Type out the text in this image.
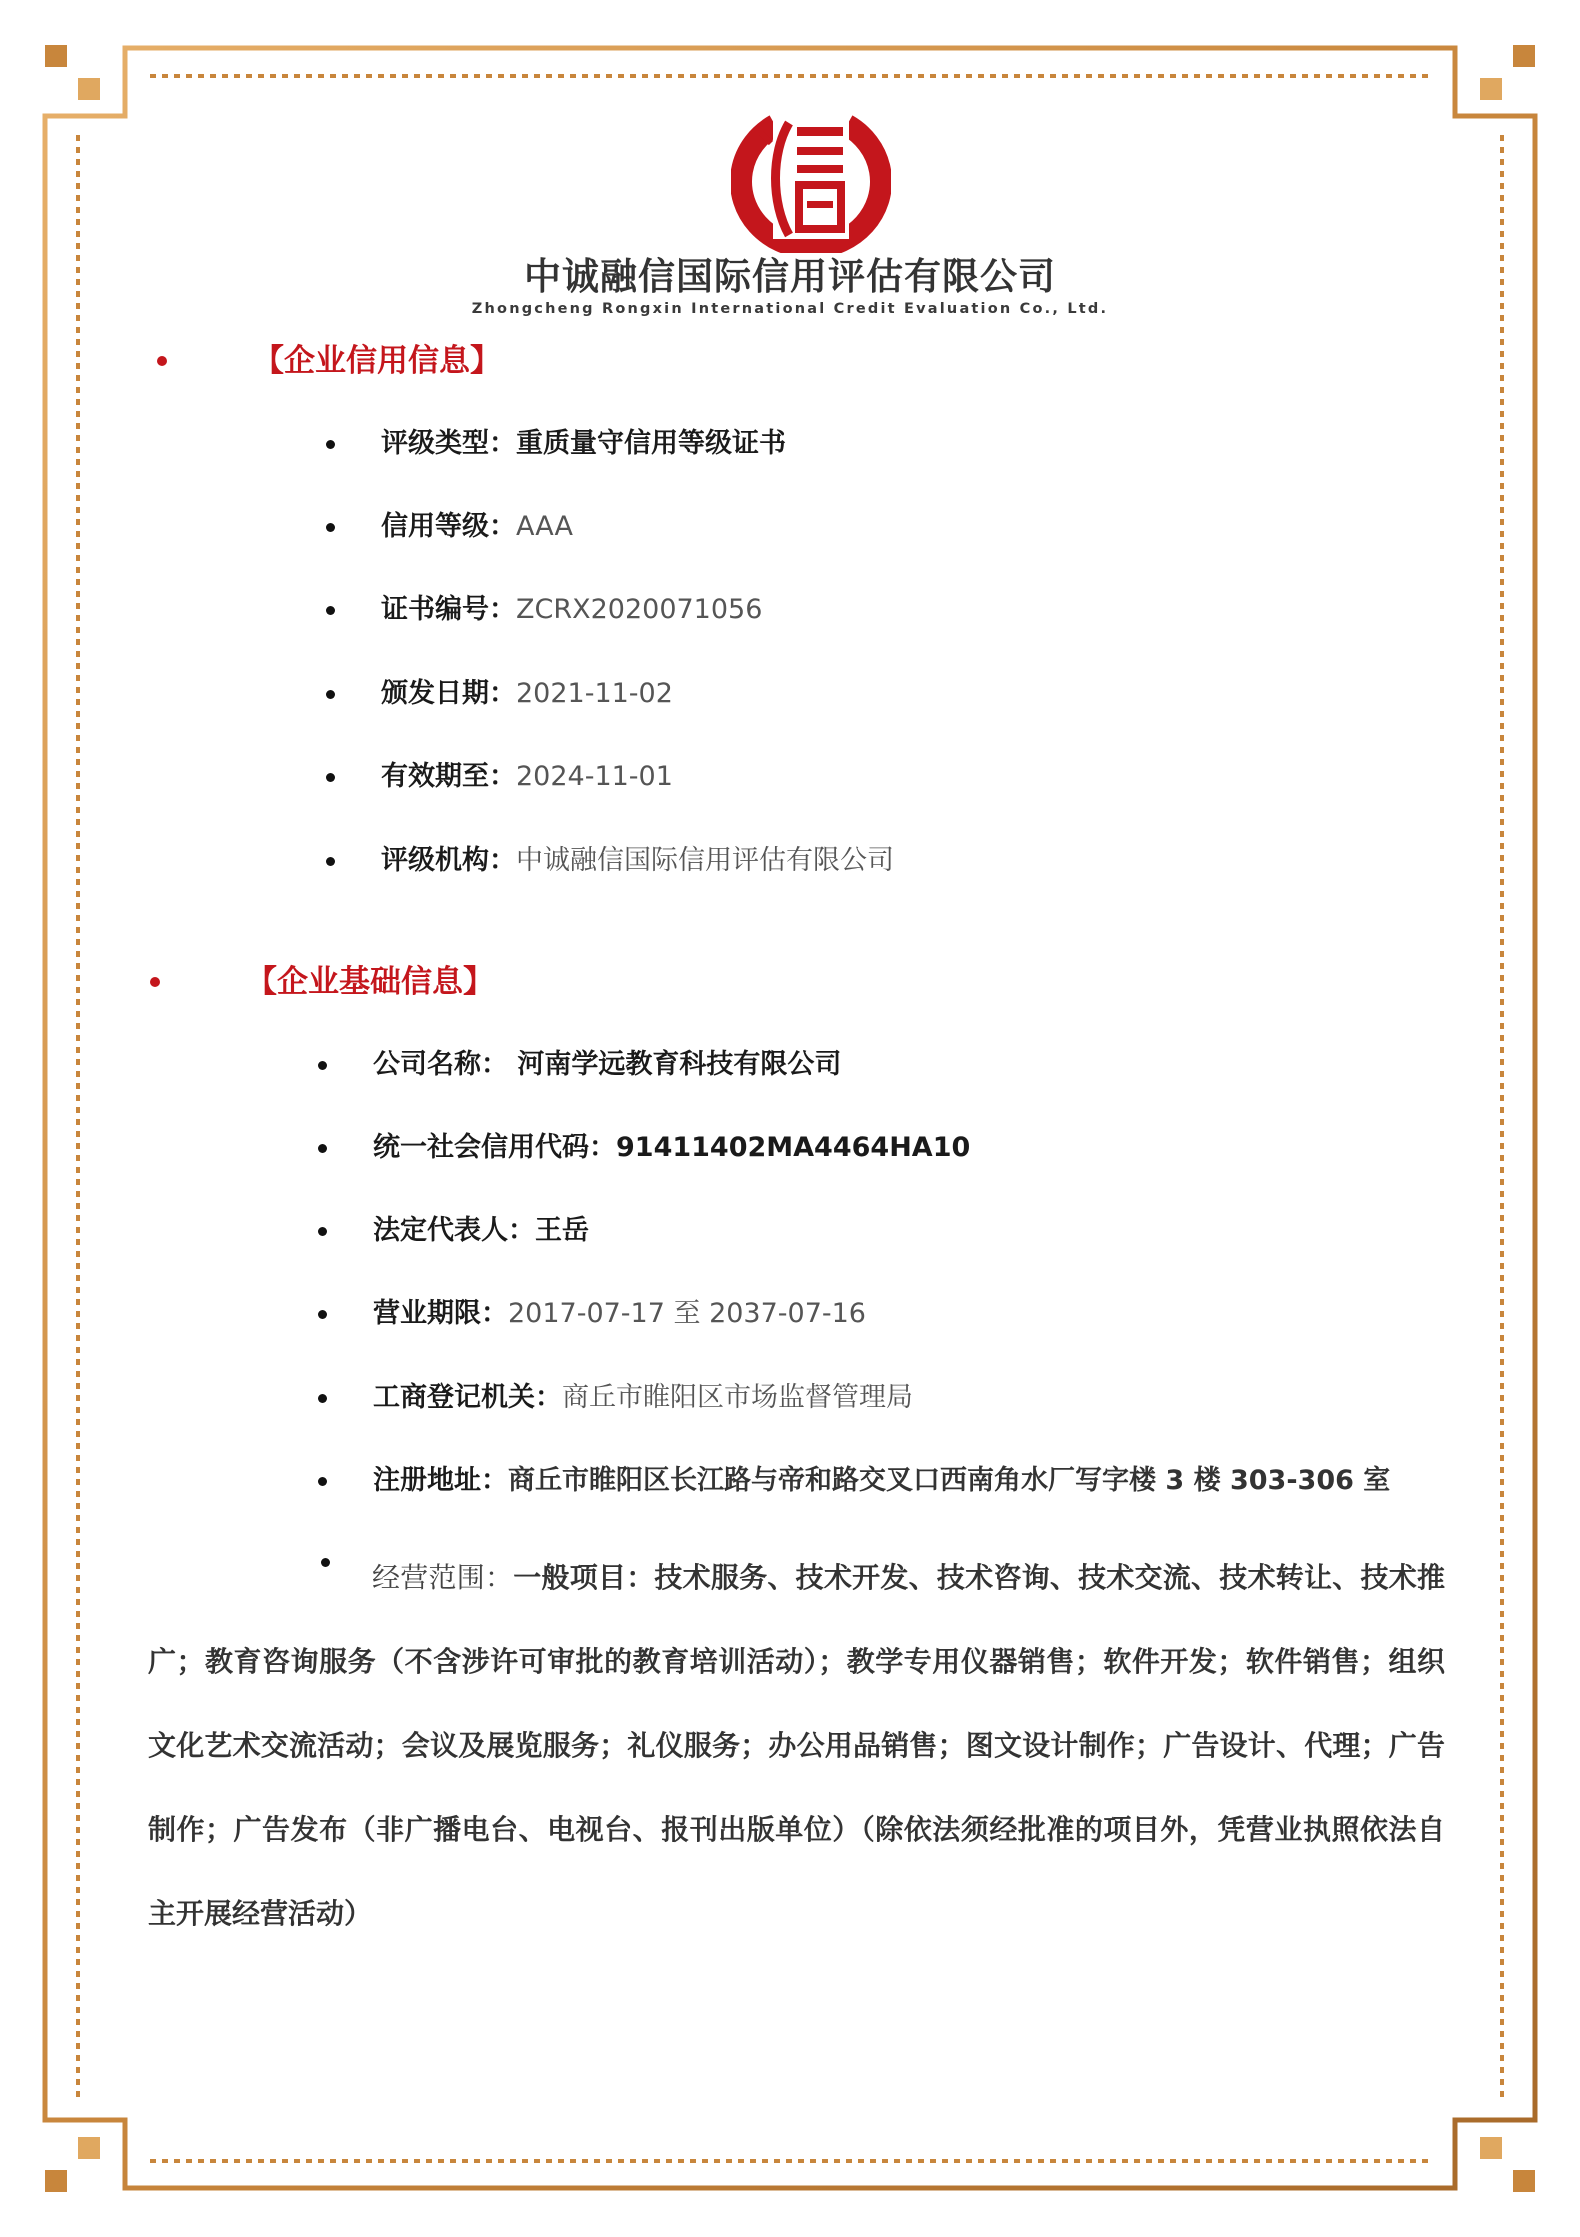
中诚融信国际信用评估有限公司
Zhongcheng Rongxin International Credit Evaluation Co., Ltd.
【企业信用信息】
评级类型：重质量守信用等级证书
信用等级：AAA
证书编号：ZCRX2020071056
颁发日期：2021-11-02
有效期至：2024-11-01
评级机构：中诚融信国际信用评估有限公司
【企业基础信息】
公司名称： 河南学远教育科技有限公司
统一社会信用代码：91411402MA4464HA10
法定代表人：王岳
营业期限：2017-07-17 至 2037-07-16
工商登记机关：商丘市睢阳区市场监督管理局
注册地址：商丘市睢阳区长江路与帝和路交叉口西南角水厂写字楼 3 楼 303-306 室

经营范围：一般项目：技术服务、技术开发、技术咨询、技术交流、技术转让、技术推广；教育咨询服务（不含涉许可审批的教育培训活动）；教学专用仪器销售；软件开发；软件销售；组织文化艺术交流活动；会议及展览服务；礼仪服务；办公用品销售；图文设计制作；广告设计、代理；广告制作；广告发布（非广播电台、电视台、报刊出版单位）（除依法须经批准的项目外，凭营业执照依法自主开展经营活动）
